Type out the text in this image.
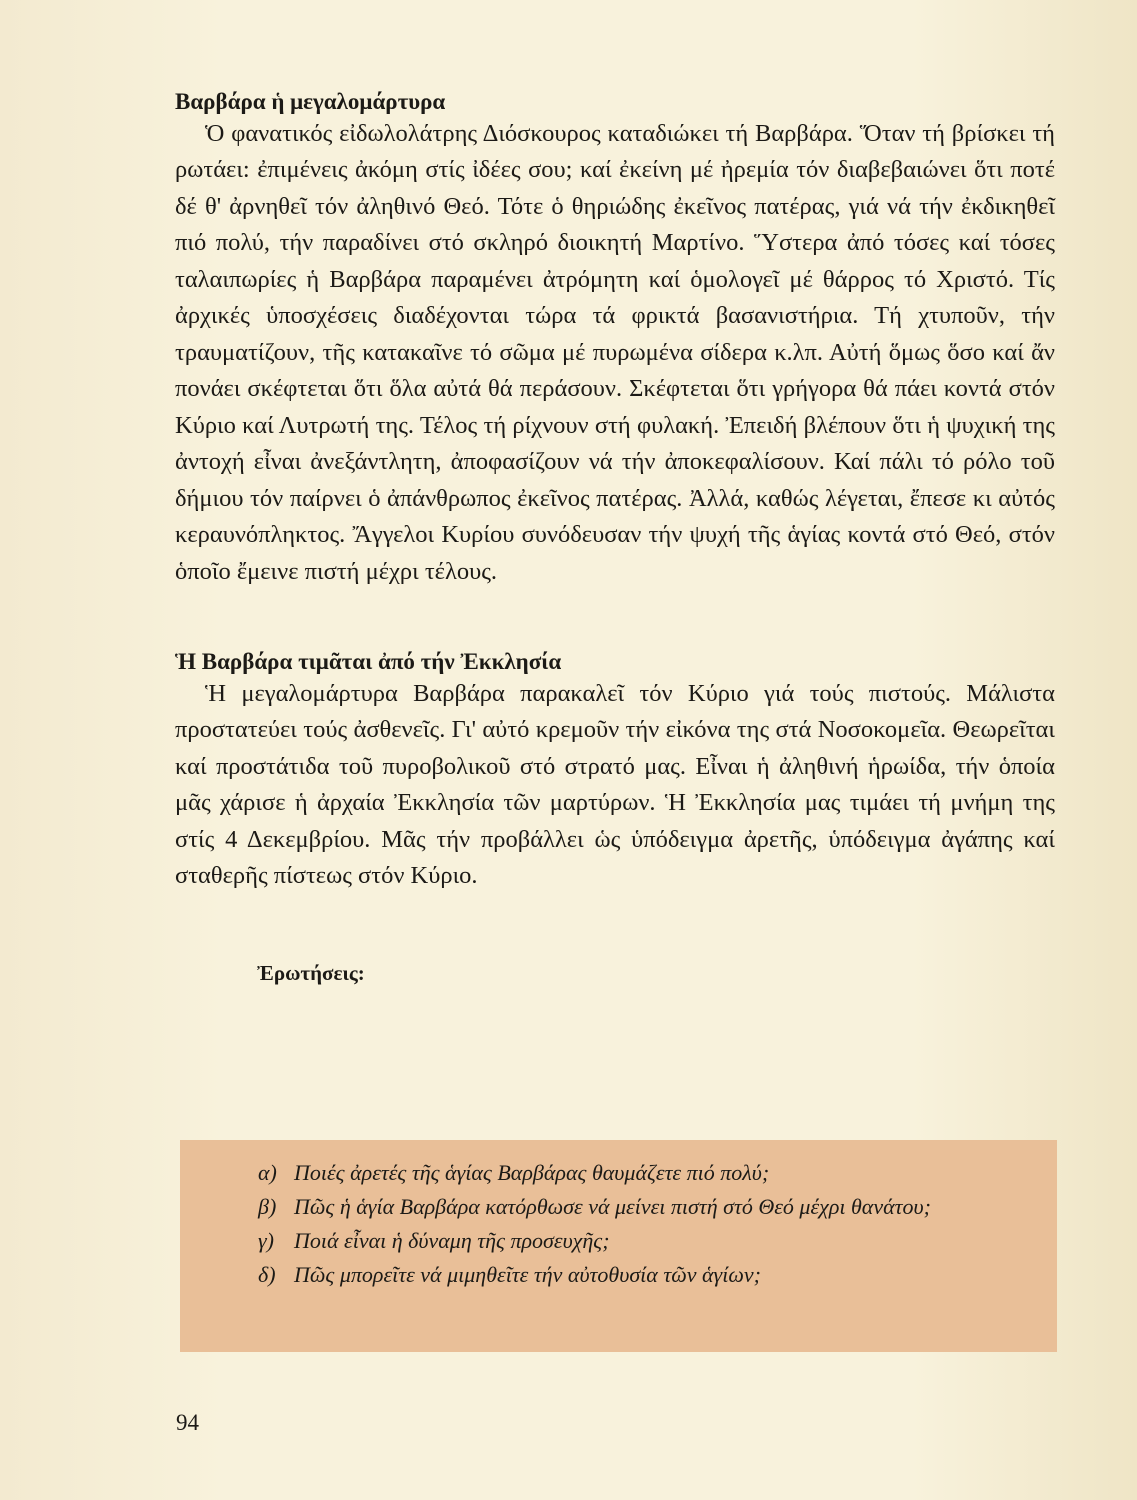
Βαρβάρα ἡ μεγαλομάρτυρα

Ὁ φανατικός εἰδωλολάτρης Διόσκουρος καταδιώκει τή Βαρβάρα. Ὅταν τή βρίσκει τή ρωτάει: ἐπιμένεις ἀκόμη στίς ἰδέες σου; καί ἐκείνη μέ ἠρεμία τόν διαβεβαιώνει ὅτι ποτέ δέ θ' ἀρνηθεῖ τόν ἀληθινό Θεό. Τότε ὁ θηριώδης ἐκεῖνος πατέρας, γιά νά τήν ἐκδικηθεῖ πιό πολύ, τήν παραδίνει στό σκληρό διοικητή Μαρτίνο. Ὕστερα ἀπό τόσες καί τόσες ταλαιπωρίες ἡ Βαρβάρα παραμένει ἀτρόμητη καί ὁμολογεῖ μέ θάρρος τό Χριστό. Τίς ἀρχικές ὑποσχέσεις διαδέχονται τώρα τά φρικτά βασανιστήρια. Τή χτυποῦν, τήν τραυματίζουν, τῆς κατακαῖνε τό σῶμα μέ πυρωμένα σίδερα κ.λπ. Αὐτή ὅμως ὅσο καί ἄν πονάει σκέφτεται ὅτι ὅλα αὐτά θά περάσουν. Σκέφτεται ὅτι γρήγορα θά πάει κοντά στόν Κύριο καί Λυτρωτή της. Τέλος τή ρίχνουν στή φυλακή. Ἐπειδή βλέπουν ὅτι ἡ ψυχική της ἀντοχή εἶναι ἀνεξάντλητη, ἀποφασίζουν νά τήν ἀποκεφαλίσουν. Καί πάλι τό ρόλο τοῦ δήμιου τόν παίρνει ὁ ἀπάνθρωπος ἐκεῖνος πατέρας. Ἀλλά, καθώς λέγεται, ἔπεσε κι αὐτός κεραυνόπληκτος. Ἄγγελοι Κυρίου συνόδευσαν τήν ψυχή τῆς ἁγίας κοντά στό Θεό, στόν ὁποῖο ἔμεινε πιστή μέχρι τέλους.

Ἡ Βαρβάρα τιμᾶται ἀπό τήν Ἐκκλησία

Ἡ μεγαλομάρτυρα Βαρβάρα παρακαλεῖ τόν Κύριο γιά τούς πιστούς. Μάλιστα προστατεύει τούς ἀσθενεῖς. Γι' αὐτό κρεμοῦν τήν εἰκόνα της στά Νοσοκομεῖα. Θεωρεῖται καί προστάτιδα τοῦ πυροβολικοῦ στό στρατό μας. Εἶναι ἡ ἀληθινή ἡρωίδα, τήν ὁποία μᾶς χάρισε ἡ ἀρχαία Ἐκκλησία τῶν μαρτύρων. Ἡ Ἐκκλησία μας τιμάει τή μνήμη της στίς 4 Δεκεμβρίου. Μᾶς τήν προβάλλει ὡς ὑπόδειγμα ἀρετῆς, ὑπόδειγμα ἀγάπης καί σταθερῆς πίστεως στόν Κύριο.

Ἐρωτήσεις:
α) Ποιές ἀρετές τῆς ἁγίας Βαρβάρας θαυμάζετε πιό πολύ;
β) Πῶς ἡ ἁγία Βαρβάρα κατόρθωσε νά μείνει πιστή στό Θεό μέχρι θανάτου;
γ) Ποιά εἶναι ἡ δύναμη τῆς προσευχῆς;
δ) Πῶς μπορεῖτε νά μιμηθεῖτε τήν αὐτοθυσία τῶν ἁγίων;
94
